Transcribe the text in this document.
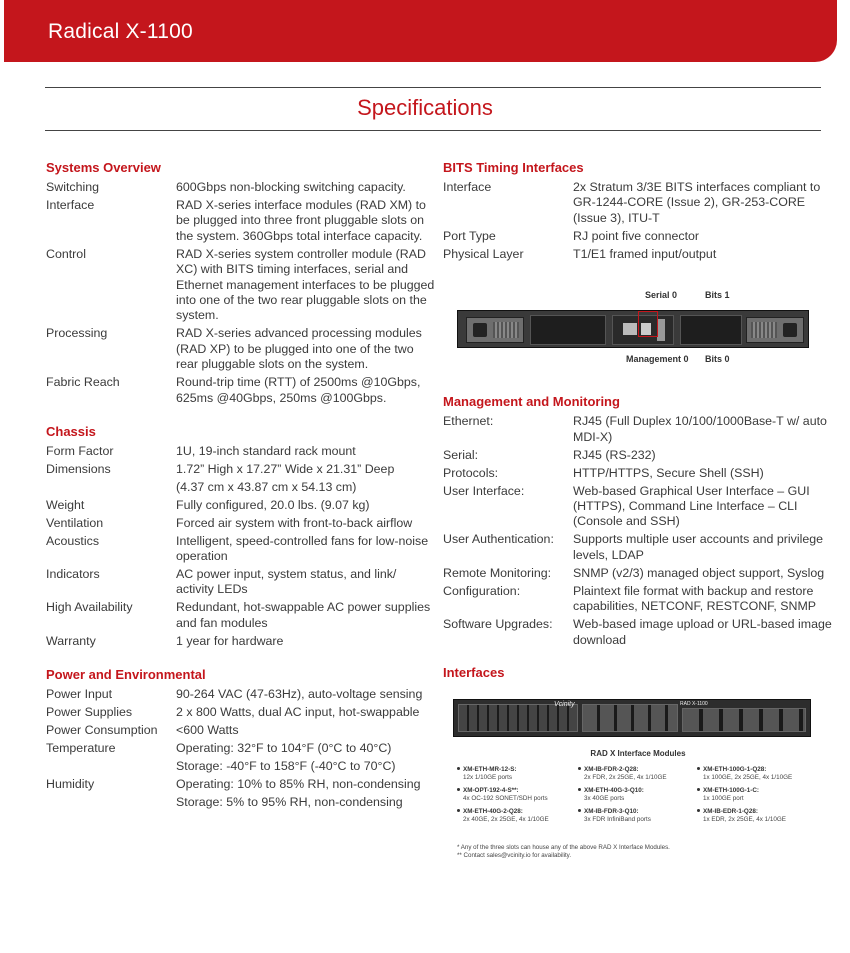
Radical X-1100
Specifications
Systems Overview
Switching	600Gbps non-blocking switching capacity.
Interface	RAD X-series interface modules (RAD XM) to be plugged into three front pluggable slots on the system. 360Gbps total interface capacity.
Control	RAD X-series system controller module (RAD XC) with BITS timing interfaces, serial and Ethernet management interfaces to be plugged into one of the two rear pluggable slots on the system.
Processing	RAD X-series advanced processing modules (RAD XP) to be plugged into one of the two rear pluggable slots on the system.
Fabric Reach	Round-trip time (RTT) of 2500ms @10Gbps, 625ms @40Gbps, 250ms @100Gbps.
Chassis
Form Factor	1U, 19-inch standard rack mount
Dimensions	1.72” High x 17.27” Wide x 21.31” Deep
(4.37 cm x 43.87 cm x 54.13 cm)
Weight	Fully configured, 20.0 lbs. (9.07 kg)
Ventilation	Forced air system with front-to-back airflow
Acoustics	Intelligent, speed-controlled fans for low-noise operation
Indicators	AC power input, system status, and link/ activity LEDs
High Availability	Redundant, hot-swappable AC power supplies and fan modules
Warranty	1 year for hardware
Power and Environmental
Power Input	90-264 VAC (47-63Hz), auto-voltage sensing
Power Supplies	2 x 800 Watts, dual AC input, hot-swappable
Power Consumption	<600 Watts
Temperature	Operating: 32°F to 104°F (0°C to 40°C)
Storage: -40°F to 158°F (-40°C to 70°C)
Humidity	Operating: 10% to 85% RH, non-condensing
Storage: 5% to 95% RH, non-condensing
BITS Timing Interfaces
Interface	2x Stratum 3/3E BITS interfaces compliant to GR-1244-CORE (Issue 2), GR-253-CORE (Issue 3), ITU-T
Port Type	RJ point five connector
Physical Layer	T1/E1 framed input/output
Serial 0	Bits 1
Management 0 Bits 0
Management and Monitoring
Ethernet:	RJ45 (Full Duplex 10/100/1000Base-T w/ auto MDI-X)
Serial:	RJ45 (RS-232)
Protocols:	HTTP/HTTPS, Secure Shell (SSH)
User Interface:	Web-based Graphical User Interface – GUI (HTTPS), Command Line Interface – CLI (Console and SSH)
User Authentication:	Supports multiple user accounts and privilege levels, LDAP
Remote Monitoring:	SNMP (v2/3) managed object support, Syslog
Configuration:	Plaintext file format with backup and restore capabilities, NETCONF, RESTCONF, SNMP
Software Upgrades:	Web-based image upload or URL-based image download
Interfaces
Vcinity	RAD X-1100
RAD X Interface Modules
XM-ETH-MR-12-S:
12x 1/10GE ports
XM-OPT-192-4-S**:
4x OC-192 SONET/SDH ports
XM-ETH-40G-2-Q28:
2x 40GE, 2x 25GE, 4x 1/10GE
XM-IB-FDR-2-Q28:
2x FDR, 2x 25GE, 4x 1/10GE
XM-ETH-40G-3-Q10:
3x 40GE ports
XM-IB-FDR-3-Q10:
3x FDR InfiniBand ports
XM-ETH-100G-1-Q28:
1x 100GE, 2x 25GE, 4x 1/10GE
XM-ETH-100G-1-C:
1x 100GE port
XM-IB-EDR-1-Q28:
1x EDR, 2x 25GE, 4x 1/10GE
* Any of the three slots can house any of the above RAD X Interface Modules.
** Contact sales@vcinity.io for availability.
